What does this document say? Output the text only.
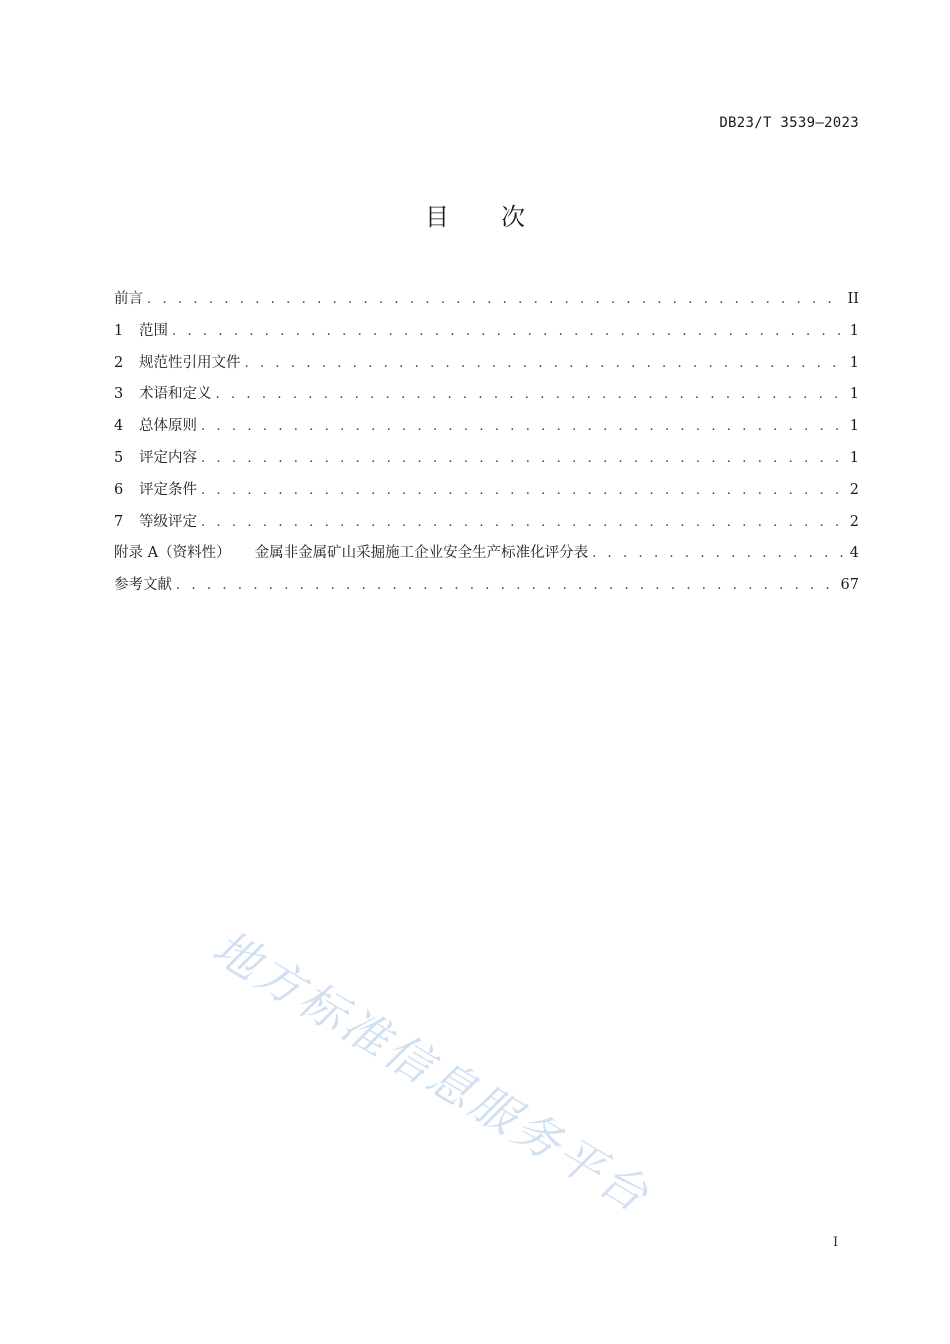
DB23/T 3539—2023
目 次
前言 . . .	II
1	范围 . . .	1
2	规范性引用文件 . . .	1
3	术语和定义 . . .	1
4	总体原则 . . .	1
5	评定内容 . . .	1
6	评定条件 . . .	2
7	等级评定 . . .	2
附录 A（资料性） 金属非金属矿山采掘施工企业安全生产标准化评分表 . . .	4
参考文献 . . .	67
地方标准信息服务平台
I
